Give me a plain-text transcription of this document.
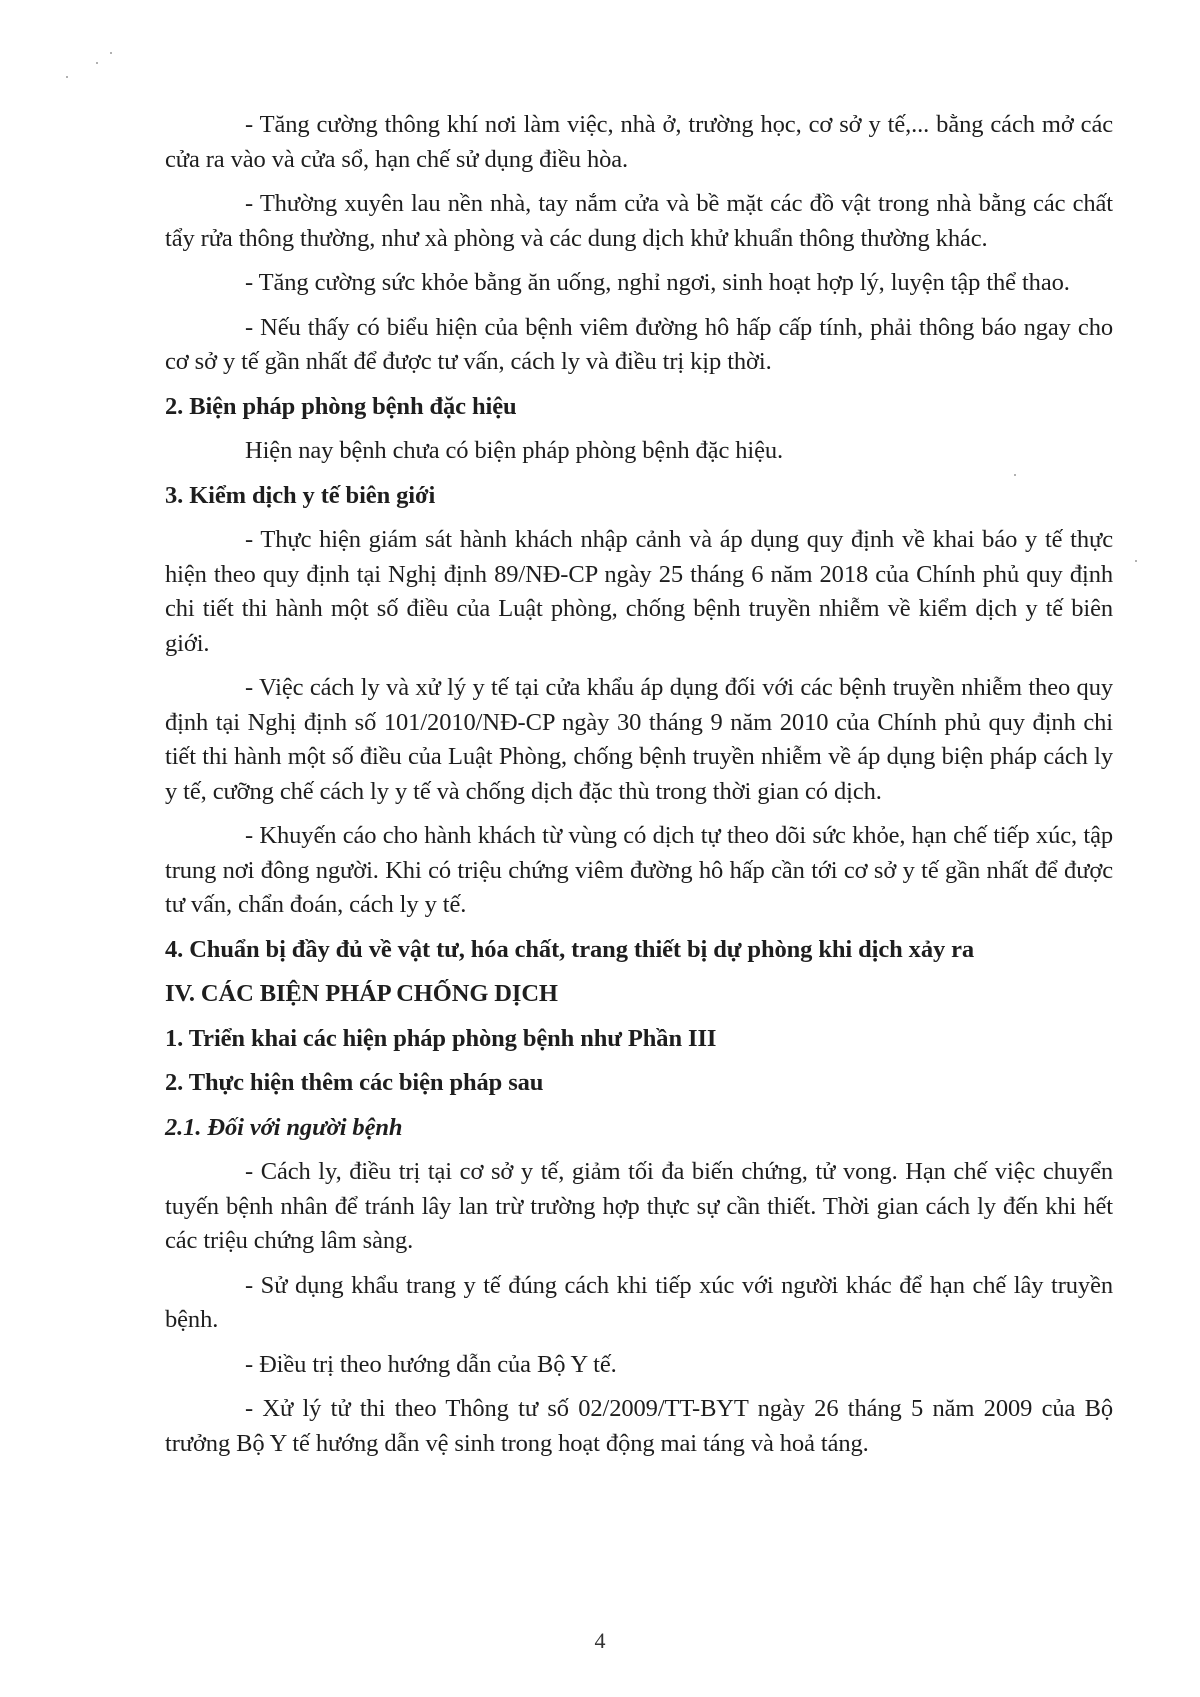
- Tăng cường thông khí nơi làm việc, nhà ở, trường học, cơ sở y tế,... bằng cách mở các cửa ra vào và cửa sổ, hạn chế sử dụng điều hòa.

- Thường xuyên lau nền nhà, tay nắm cửa và bề mặt các đồ vật trong nhà bằng các chất tẩy rửa thông thường, như xà phòng và các dung dịch khử khuẩn thông thường khác.

- Tăng cường sức khỏe bằng ăn uống, nghỉ ngơi, sinh hoạt hợp lý, luyện tập thể thao.

- Nếu thấy có biểu hiện của bệnh viêm đường hô hấp cấp tính, phải thông báo ngay cho cơ sở y tế gần nhất để được tư vấn, cách ly và điều trị kịp thời.

2. Biện pháp phòng bệnh đặc hiệu

Hiện nay bệnh chưa có biện pháp phòng bệnh đặc hiệu.

3. Kiểm dịch y tế biên giới

- Thực hiện giám sát hành khách nhập cảnh và áp dụng quy định về khai báo y tế thực hiện theo quy định tại Nghị định 89/NĐ-CP ngày 25 tháng 6 năm 2018 của Chính phủ quy định chi tiết thi hành một số điều của Luật phòng, chống bệnh truyền nhiễm về kiểm dịch y tế biên giới.

- Việc cách ly và xử lý y tế tại cửa khẩu áp dụng đối với các bệnh truyền nhiễm theo quy định tại Nghị định số 101/2010/NĐ-CP ngày 30 tháng 9 năm 2010 của Chính phủ quy định chi tiết thi hành một số điều của Luật Phòng, chống bệnh truyền nhiễm về áp dụng biện pháp cách ly y tế, cưỡng chế cách ly y tế và chống dịch đặc thù trong thời gian có dịch.

- Khuyến cáo cho hành khách từ vùng có dịch tự theo dõi sức khỏe, hạn chế tiếp xúc, tập trung nơi đông người. Khi có triệu chứng viêm đường hô hấp cần tới cơ sở y tế gần nhất để được tư vấn, chẩn đoán, cách ly y tế.

4. Chuẩn bị đầy đủ về vật tư, hóa chất, trang thiết bị dự phòng khi dịch xảy ra
IV. CÁC BIỆN PHÁP CHỐNG DỊCH
1. Triển khai các hiện pháp phòng bệnh như Phần III
2. Thực hiện thêm các biện pháp sau
2.1. Đối với người bệnh

- Cách ly, điều trị tại cơ sở y tế, giảm tối đa biến chứng, tử vong. Hạn chế việc chuyển tuyến bệnh nhân để tránh lây lan trừ trường hợp thực sự cần thiết. Thời gian cách ly đến khi hết các triệu chứng lâm sàng.

- Sử dụng khẩu trang y tế đúng cách khi tiếp xúc với người khác để hạn chế lây truyền bệnh.

- Điều trị theo hướng dẫn của Bộ Y tế.

- Xử lý tử thi theo Thông tư số 02/2009/TT-BYT ngày 26 tháng 5 năm 2009 của Bộ trưởng Bộ Y tế hướng dẫn vệ sinh trong hoạt động mai táng và hoả táng.

4
